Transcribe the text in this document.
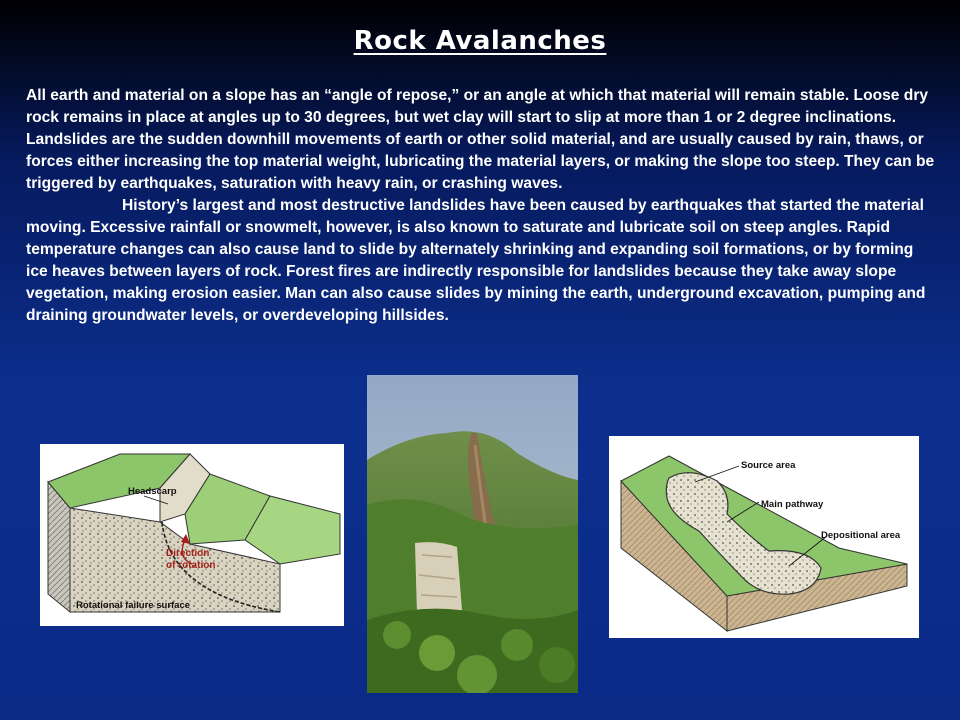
Rock Avalanches

All earth and material on a slope has an “angle of repose,” or an angle at which that material will remain stable. Loose dry rock remains in place at angles up to 30 degrees, but wet clay will start to slip at more than 1 or 2 degree inclinations. Landslides are the sudden downhill movements of earth or other solid material, and are usually caused by rain, thaws, or forces either increasing the top material weight, lubricating the material layers, or making the slope too steep. They can be triggered by earthquakes, saturation with heavy rain, or crashing waves.

History’s largest and most destructive landslides have been caused by earthquakes that started the material moving. Excessive rainfall or snowmelt, however, is also known to saturate and lubricate soil on steep angles. Rapid temperature changes can also cause land to slide by alternately shrinking and expanding soil formations, or by forming ice heaves between layers of rock. Forest fires are indirectly responsible for landslides because they take away slope vegetation, making erosion easier. Man can also cause slides by mining the earth, underground excavation, pumping and draining groundwater levels, or overdeveloping hillsides.

Headscarp
Direction
of rotation
Rotational failure surface
Source area
Main pathway
Depositional area
